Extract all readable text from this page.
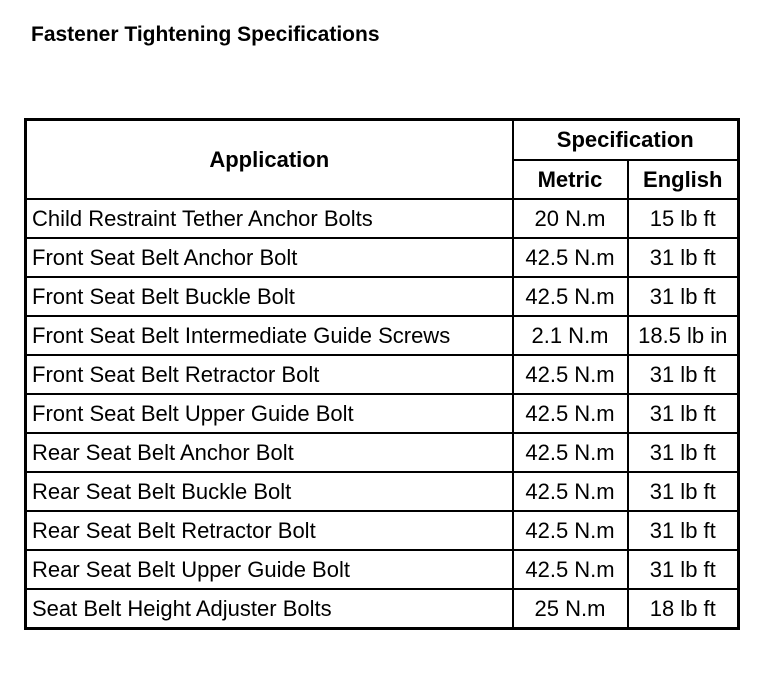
Fastener Tightening Specifications
Application	Specification	
	Metric	English
Child Restraint Tether Anchor Bolts	20 N.m	15 lb ft
Front Seat Belt Anchor Bolt	42.5 N.m	31 lb ft
Front Seat Belt Buckle Bolt	42.5 N.m	31 lb ft
Front Seat Belt Intermediate Guide Screws	2.1 N.m	18.5 lb in
Front Seat Belt Retractor Bolt	42.5 N.m	31 lb ft
Front Seat Belt Upper Guide Bolt	42.5 N.m	31 lb ft
Rear Seat Belt Anchor Bolt	42.5 N.m	31 lb ft
Rear Seat Belt Buckle Bolt	42.5 N.m	31 lb ft
Rear Seat Belt Retractor Bolt	42.5 N.m	31 lb ft
Rear Seat Belt Upper Guide Bolt	42.5 N.m	31 lb ft
Seat Belt Height Adjuster Bolts	25 N.m	18 lb ft
